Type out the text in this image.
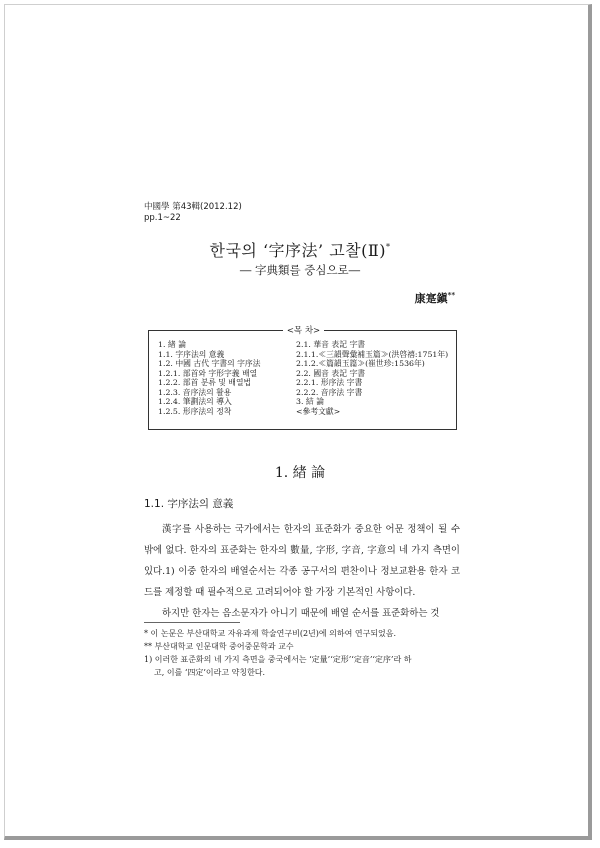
中國學 第43輯(2012.12)
pp.1~22
한국의 ‘字序法’ 고찰(Ⅱ)*
― 字典類를 중심으로―
康寔鎭**
<목 차>
1. 緖 論
1.1. 字序法의 意義
1.2. 中國 古代 字書의 字序法
1.2.1. 部首와 字形字義 배열
1.2.2. 部首 분류 및 배열법
1.2.3. 音序法의 활용
1.2.4. 筆劃法의 導入
1.2.5. 形序法의 정착
2.1. 華音 表記 字書
2.1.1.≪三韻聲彙補玉篇≫(洪啓禧:1751年)
2.1.2.≪篇韻玉篇≫(崔世珍:1536年)
2.2. 國音 表記 字書
2.2.1. 形序法 字書
2.2.2. 音序法 字書
3. 結 論
<參考文獻>
1. 緖 論
1.1. 字序法의 意義

漢字를 사용하는 국가에서는 한자의 표준화가 중요한 어문 정책이 될 수밖에 없다. 한자의 표준화는 한자의 數量, 字形, 字音, 字意의 네 가지 측면이 있다.1) 이중 한자의 배열순서는 각종 공구서의 편찬이나 정보교환용 한자 코드를 제정할 때 필수적으로 고려되어야 할 가장 기본적인 사항이다.

하지만 한자는 음소문자가 아니기 때문에 배열 순서를 표준화하는 것

* 이 논문은 부산대학교 자유과제 학술연구비(2년)에 의하여 연구되었음.
** 부산대학교 인문대학 중어중문학과 교수
1) 이러한 표준화의 네 가지 측면을 중국에서는 ‘定量’‘定形’‘定音’‘定序’라 하
고, 이를 ‘四定’이라고 약칭한다.
